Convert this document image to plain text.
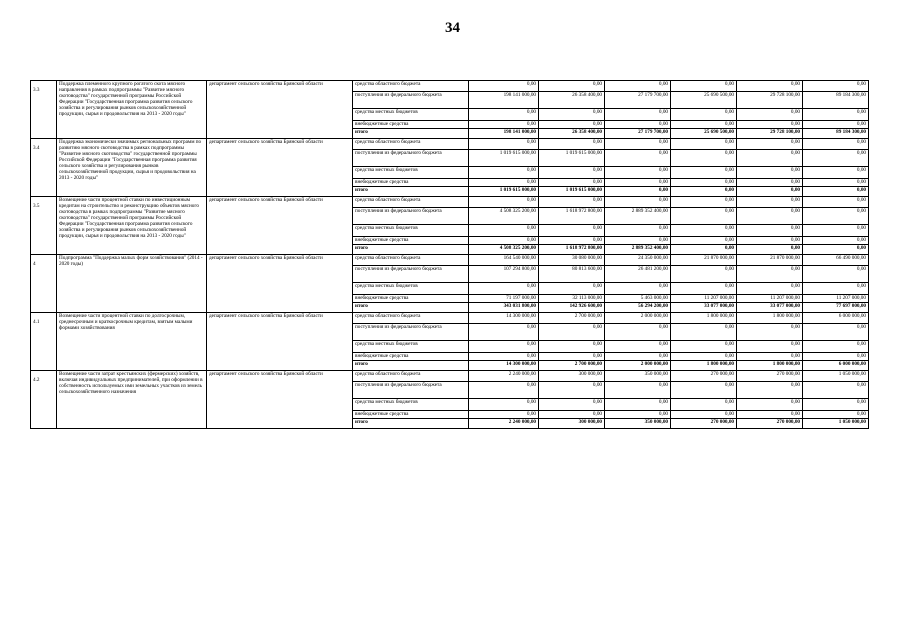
34
3.3	Поддержка племенного крупного рогатого скота мясного направления в рамках подпрограммы "Развитие мясного скотоводства" государственной программы Российской Федерации "Государственная программа развития сельского хозяйства и регулирования рынков сельскохозяйственной продукции, сырья и продовольствия на 2013 - 2020 годы"	департамент сельского хозяйства Брянской области	средства областного бюджета	0,00	0,00	0,00	0,00	0,00	0,00
			поступления из федерального бюджета	198 141 000,00	26 358 400,00	27 179 700,00	25 690 500,00	29 728 100,00	89 184 300,00
			средства местных бюджетов	0,00	0,00	0,00	0,00	0,00	0,00
			внебюджетные средства	0,00	0,00	0,00	0,00	0,00	0,00
			итого	198 141 000,00	26 358 400,00	27 179 700,00	25 690 500,00	29 728 100,00	89 184 300,00
3.4	Поддержка экономически значимых региональных программ по развитию мясного скотоводства в рамках подпрограммы "Развитие мясного скотоводства" государственной программы Российской Федерации "Государственная программа развития сельского хозяйства и регулирования рынков сельскохозяйственной продукции, сырья и продовольствия на 2013 - 2020 годы"	департамент сельского хозяйства Брянской области	средства областного бюджета	0,00	0,00	0,00	0,00	0,00	0,00
			поступления из федерального бюджета	1 019 615 000,00	1 019 615 000,00	0,00	0,00	0,00	0,00
			средства местных бюджетов	0,00	0,00	0,00	0,00	0,00	0,00
			внебюджетные средства	0,00	0,00	0,00	0,00	0,00	0,00
			итого	1 019 615 000,00	1 019 615 000,00	0,00	0,00	0,00	0,00
3.5	Возмещение части процентной ставки по инвестиционным кредитам на строительство и реконструкцию объектов мясного скотоводства в рамках подпрограммы "Развитие мясного скотоводства" государственной программы Российской Федерации "Государственная программа развития сельского хозяйства и регулирования рынков сельскохозяйственной продукции, сырья и продовольствия на 2013 - 2020 годы"	департамент сельского хозяйства Брянской области	средства областного бюджета	0,00	0,00	0,00	0,00	0,00	0,00
			поступления из федерального бюджета	4 508 325 200,00	1 618 972 800,00	2 889 352 400,00	0,00	0,00	0,00
			средства местных бюджетов	0,00	0,00	0,00	0,00	0,00	0,00
			внебюджетные средства	0,00	0,00	0,00	0,00	0,00	0,00
			итого	4 508 325 200,00	1 618 972 800,00	2 889 352 400,00	0,00	0,00	0,00
4	Подпрограмма "Поддержка малых форм хозяйствования" (2014 - 2020 годы)	департамент сельского хозяйства Брянской области	средства областного бюджета	164 540 000,00	30 080 000,00	24 350 000,00	21 870 000,00	21 870 000,00	66 490 000,00
			поступления из федерального бюджета	107 294 800,00	80 813 600,00	26 481 200,00	0,00	0,00	0,00
			средства местных бюджетов	0,00	0,00	0,00	0,00	0,00	0,00
			внебюджетные средства	71 197 000,00	32 113 000,00	5 463 000,00	11 207 000,00	11 207 000,00	11 207 000,00
			итого	343 031 800,00	142 926 600,00	56 294 200,00	33 077 000,00	33 077 000,00	77 697 000,00
4.1	Возмещение части процентной ставки по долгосрочным, среднесрочным и краткосрочным кредитам, взятым малыми формами хозяйствования	департамент сельского хозяйства Брянской области	средства областного бюджета	14 300 000,00	2 700 000,00	2 000 000,00	1 800 000,00	1 800 000,00	6 000 000,00
			поступления из федерального бюджета	0,00	0,00	0,00	0,00	0,00	0,00
			средства местных бюджетов	0,00	0,00	0,00	0,00	0,00	0,00
			внебюджетные средства	0,00	0,00	0,00	0,00	0,00	0,00
			итого	14 300 000,00	2 700 000,00	2 000 000,00	1 800 000,00	1 800 000,00	6 000 000,00
4.2	Возмещение части затрат крестьянских (фермерских) хозяйств, включая индивидуальных предпринимателей, при оформлении в собственность используемых ими земельных участков из земель сельскохозяйственного назначения	департамент сельского хозяйства Брянской области	средства областного бюджета	2 240 000,00	300 000,00	350 000,00	270 000,00	270 000,00	1 050 000,00
			поступления из федерального бюджета	0,00	0,00	0,00	0,00	0,00	0,00
			средства местных бюджетов	0,00	0,00	0,00	0,00	0,00	0,00
			внебюджетные средства	0,00	0,00	0,00	0,00	0,00	0,00
			итого	2 240 000,00	300 000,00	350 000,00	270 000,00	270 000,00	1 050 000,00
